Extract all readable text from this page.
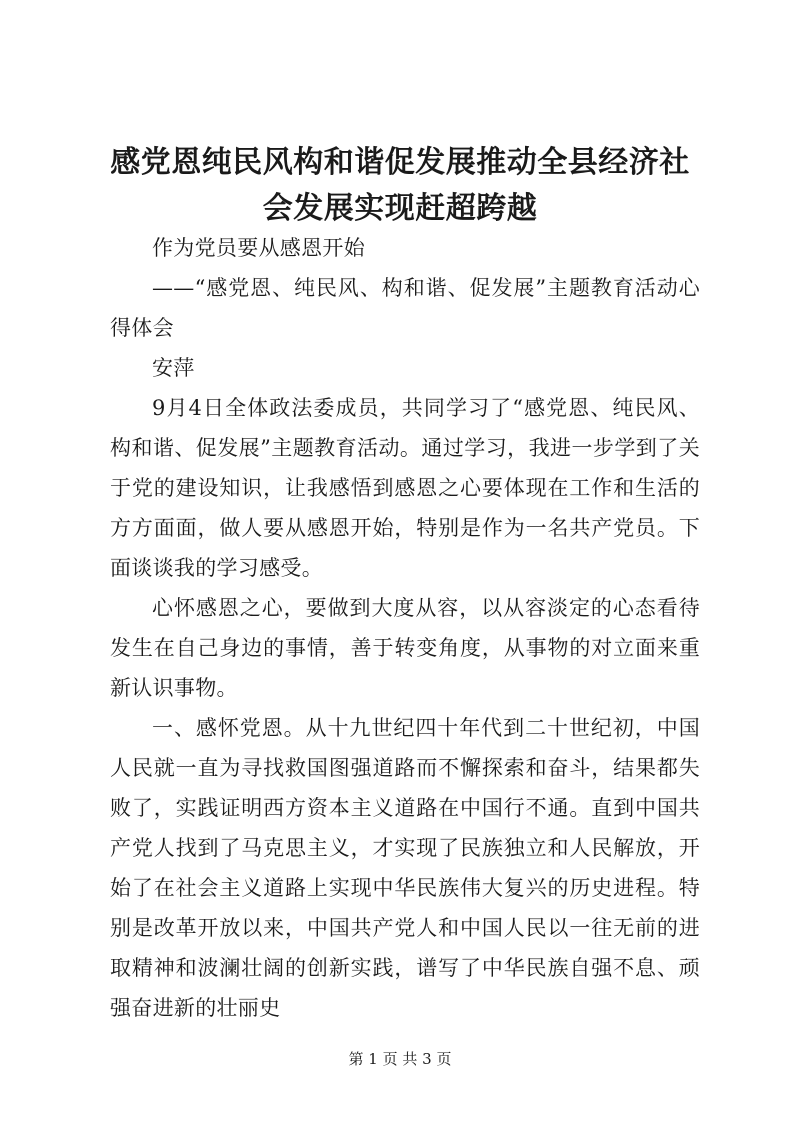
感党恩纯民风构和谐促发展推动全县经济社会发展实现赶超跨越

作为党员要从感恩开始

——“感党恩、纯民风、构和谐、促发展”主题教育活动心得体会

安萍

9月4日全体政法委成员，共同学习了“感党恩、纯民风、构和谐、促发展”主题教育活动。通过学习，我进一步学到了关于党的建设知识，让我感悟到感恩之心要体现在工作和生活的方方面面，做人要从感恩开始，特别是作为一名共产党员。下面谈谈我的学习感受。

心怀感恩之心，要做到大度从容，以从容淡定的心态看待发生在自己身边的事情，善于转变角度，从事物的对立面来重新认识事物。

一、感怀党恩。从十九世纪四十年代到二十世纪初，中国人民就一直为寻找救国图强道路而不懈探索和奋斗，结果都失败了，实践证明西方资本主义道路在中国行不通。直到中国共产党人找到了马克思主义，才实现了民族独立和人民解放，开始了在社会主义道路上实现中华民族伟大复兴的历史进程。特别是改革开放以来，中国共产党人和中国人民以一往无前的进取精神和波澜壮阔的创新实践，谱写了中华民族自强不息、顽强奋进新的壮丽史

第 1 页 共 3 页
